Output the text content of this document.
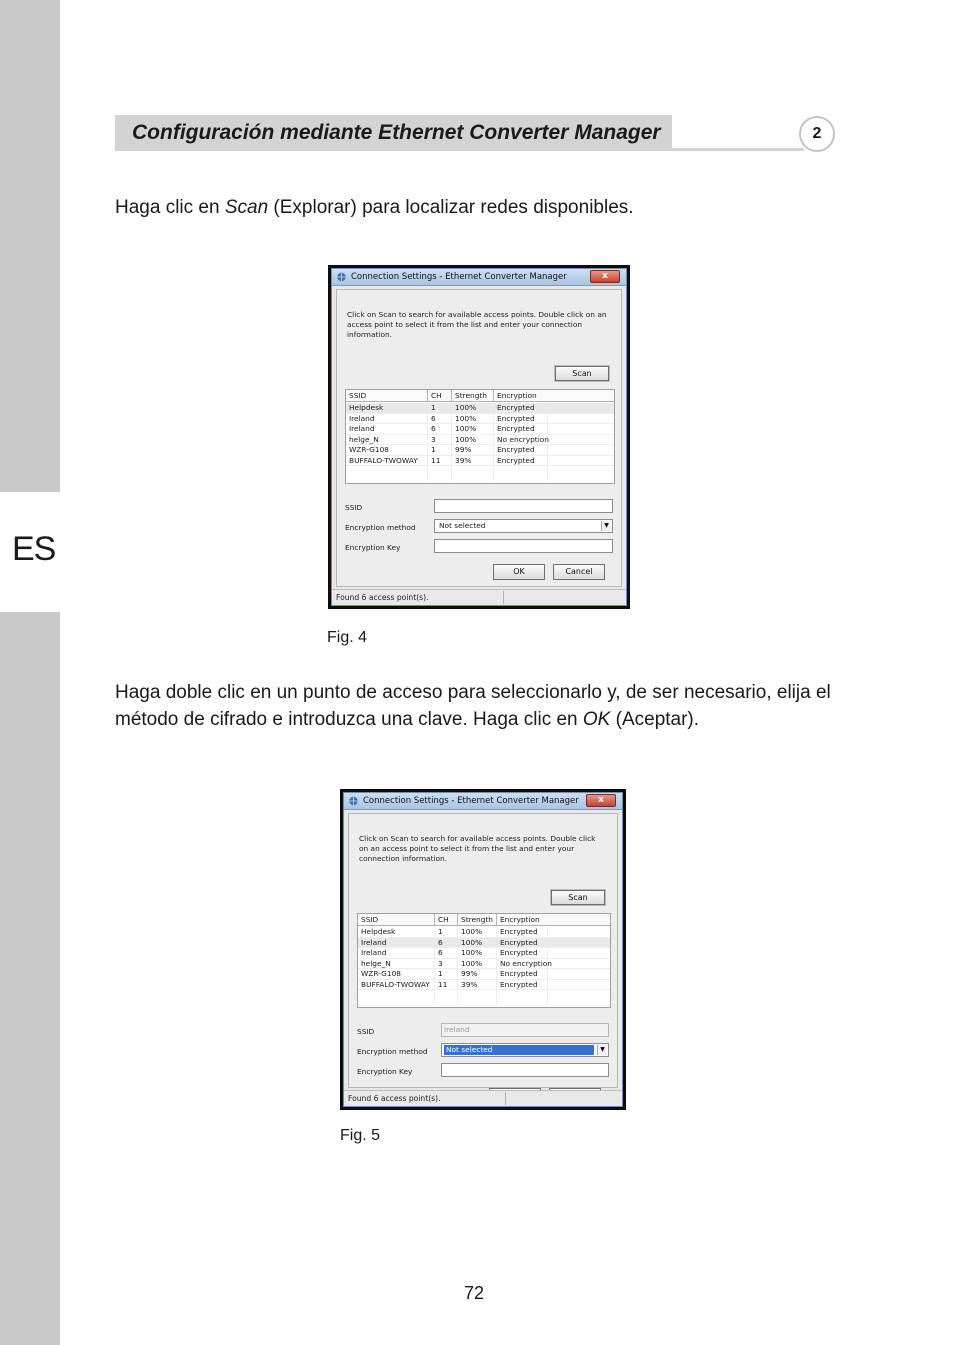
ES
Configuración mediante Ethernet Converter Manager	2

Haga clic en Scan (Explorar) para localizar redes disponibles.

Connection Settings - Ethernet Converter Manager	x
Click on Scan to search for available access points. Double click on an access point to select it from the list and enter your connection information.
Scan
SSID	CH	Strength	Encryption
Helpdesk	1	100%	Encrypted
Ireland	6	100%	Encrypted
Ireland	6	100%	Encrypted
helge_N	3	100%	No encryption
WZR-G108	1	99%	Encrypted
BUFFALO-TWOWAY 11 39%	Encrypted
SSID
Encryption method	Not selected	▼
Encryption Key
OK	Cancel
Found 6 access point(s).
Fig. 4

Haga doble clic en un punto de acceso para seleccionarlo y, de ser necesario, elija el método de cifrado e introduzca una clave. Haga clic en OK (Aceptar).

Connection Settings - Ethernet Converter Manager	x
Click on Scan to search for available access points. Double click on an access point to select it from the list and enter your connection information.
Scan
SSID	CH	Strength Encryption
Helpdesk	1 100% Encrypted
Ireland	6 100% Encrypted
Ireland	6 100% Encrypted
helge_N	3 100% No encryption
WZR-G108	1 99%	Encrypted
BUFFALO-TWOWAY 11 39%	Encrypted
SSID	Ireland
Encryption method	Not selected	▼
Encryption Key
Found 6 access point(s).
Fig. 5
72
